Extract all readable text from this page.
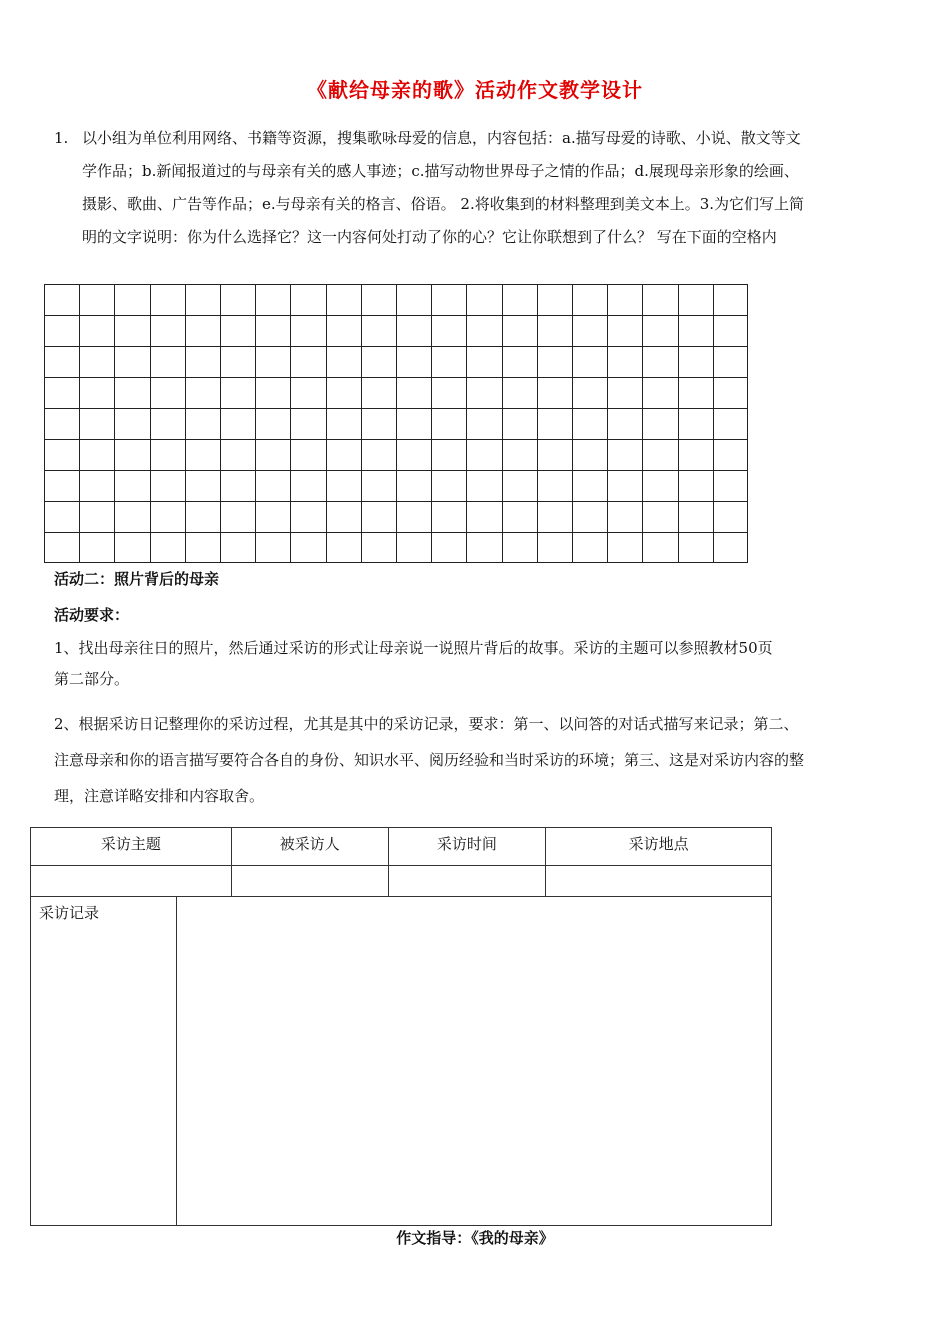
《献给母亲的歌》活动作文教学设计
1. 以小组为单位利用网络、书籍等资源，搜集歌咏母爱的信息，内容包括：a.描写母爱的诗歌、小说、散文等文
学作品；b.新闻报道过的与母亲有关的感人事迹；c.描写动物世界母子之情的作品；d.展现母亲形象的绘画、
摄影、歌曲、广告等作品；e.与母亲有关的格言、俗语。 2.将收集到的材料整理到美文本上。3.为它们写上简
明的文字说明：你为什么选择它？这一内容何处打动了你的心？它让你联想到了什么？ 写在下面的空格内
活动二：照片背后的母亲
活动要求：
1、找出母亲往日的照片，然后通过采访的形式让母亲说一说照片背后的故事。采访的主题可以参照教材50页
第二部分。
2、根据采访日记整理你的采访过程，尤其是其中的采访记录，要求：第一、以问答的对话式描写来记录；第二、
注意母亲和你的语言描写要符合各自的身份、知识水平、阅历经验和当时采访的环境；第三、这是对采访内容的整
理，注意详略安排和内容取舍。
采访主题		被采访人	采访时间	采访地点

采访记录				
作文指导：《我的母亲》
